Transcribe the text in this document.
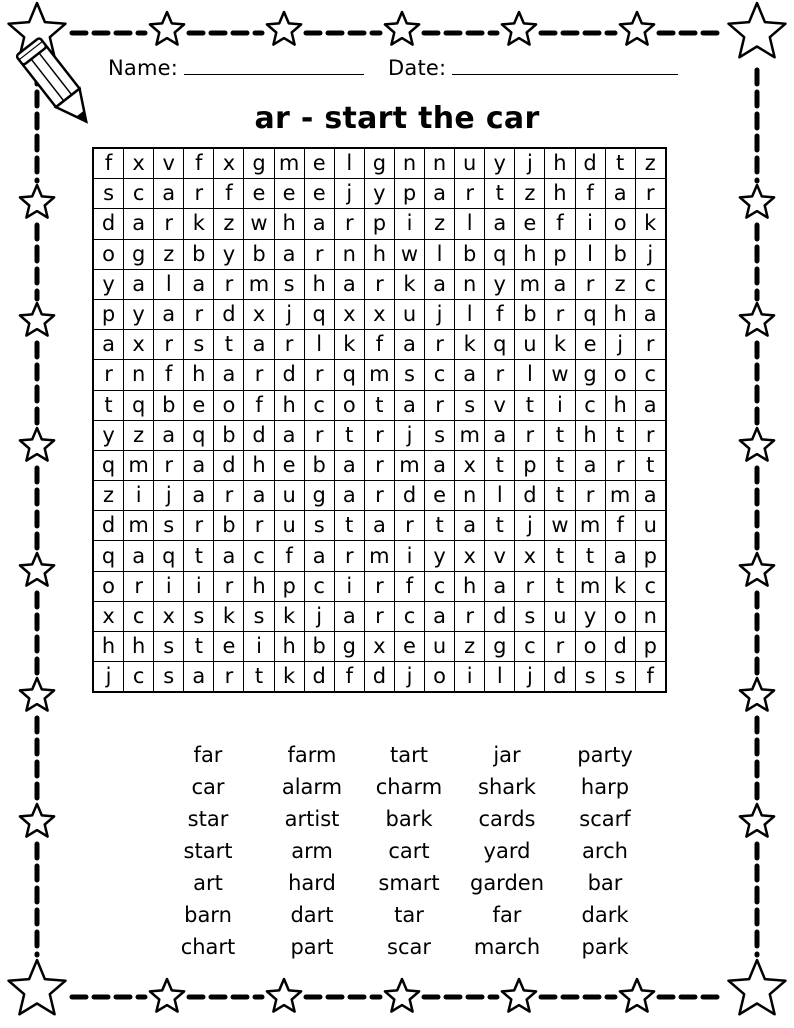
Name:	Date:
ar - start the car
f	x	v	f	x	g	m	e	l	g	n	n	u	y	j	h	d	t	z
s	c	a	r	f	e	e	e	j	y	p	a	r	t	z	h	f	a	r
d	a	r	k	z	w	h	a	r	p	i	z	l	a	e	f	i	o	k
o	g	z	b	y	b	a	r	n	h	w	l	b	q	h	p	l	b	j
y	a	l	a	r	m	s	h	a	r	k	a	n	y	m	a	r	z	c
p	y	a	r	d	x	j	q	x	x	u	j	l	f	b	r	q	h	a
a	x	r	s	t	a	r	l	k	f	a	r	k	q	u	k	e	j	r
r	n	f	h	a	r	d	r	q	m	s	c	a	r	l	w	g	o	c
t	q	b	e	o	f	h	c	o	t	a	r	s	v	t	i	c	h	a
y	z	a	q	b	d	a	r	t	r	j	s	m	a	r	t	h	t	r
q	m	r	a	d	h	e	b	a	r	m	a	x	t	p	t	a	r	t
z	i	j	a	r	a	u	g	a	r	d	e	n	l	d	t	r	m	a
d	m	s	r	b	r	u	s	t	a	r	t	a	t	j	w	m	f	u
q	a	q	t	a	c	f	a	r	m	i	y	x	v	x	t	t	a	p
o	r	i	i	r	h	p	c	i	r	f	c	h	a	r	t	m	k	c
x	c	x	s	k	s	k	j	a	r	c	a	r	d	s	u	y	o	n
h	h	s	t	e	i	h	b	g	x	e	u	z	g	c	r	o	d	p
j	c	s	a	r	t	k	d	f	d	j	o	i	l	j	d	s	s	f
far	farm	tart	jar	party
car	alarm	charm	shark	harp
star	artist	bark	cards	scarf
start	arm	cart	yard	arch
art	hard	smart	garden	bar
barn	dart	tar	far	dark
chart	part	scar	march	park
